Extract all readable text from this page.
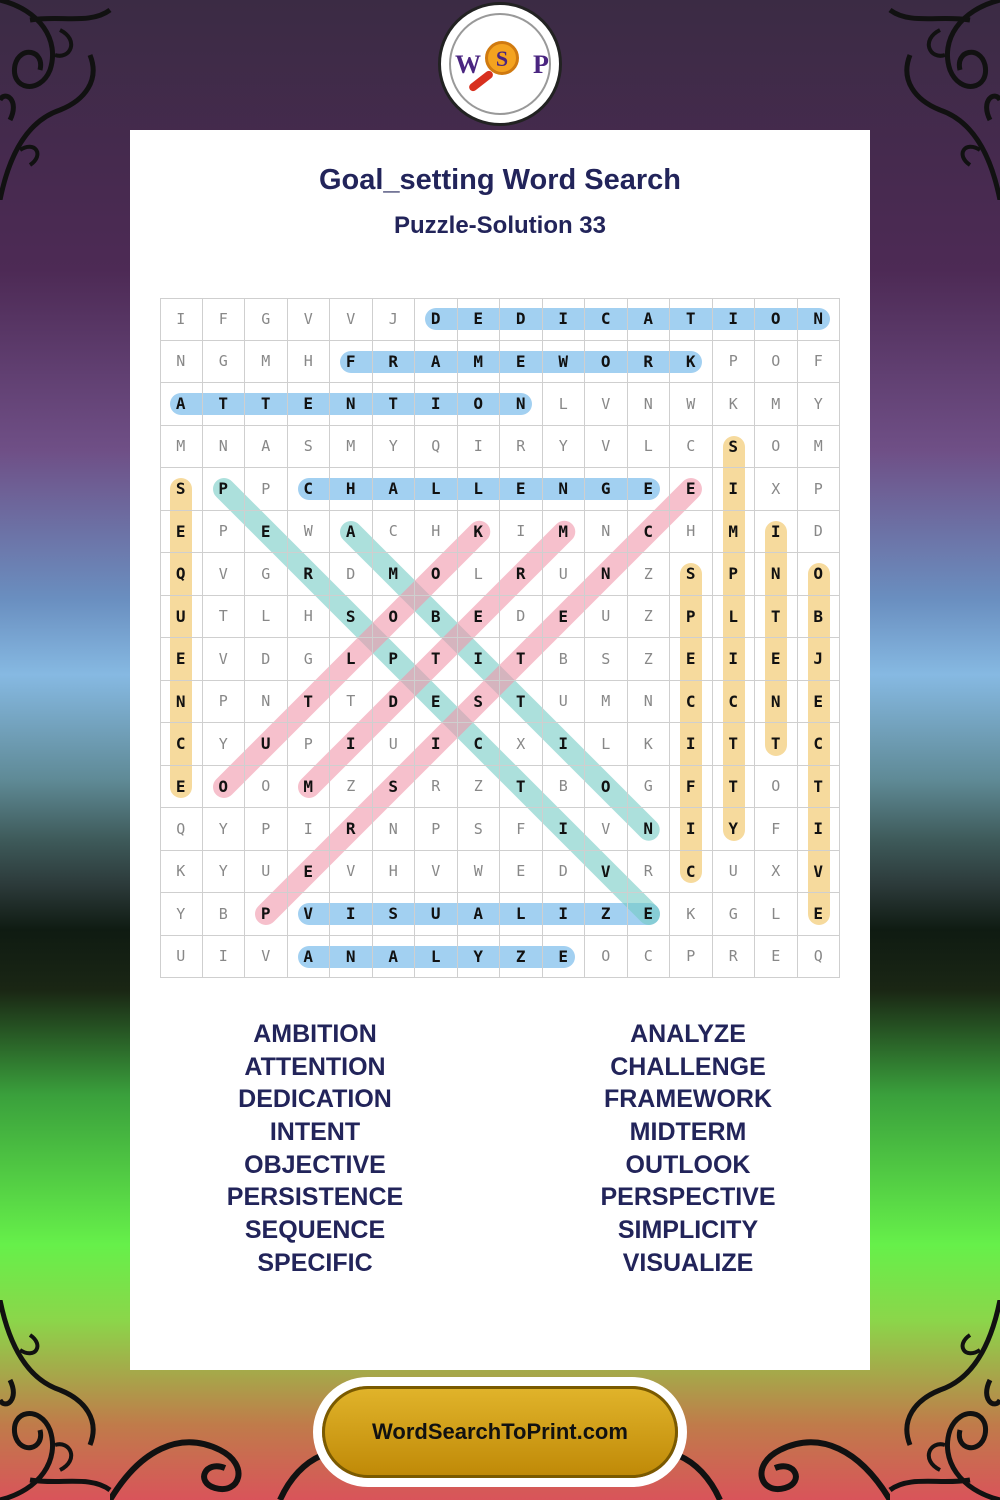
W S P
Goal_setting Word Search
Puzzle-Solution 33
I	F	G	V	V	J	D	E	D	I	C	A	T	I	O	N
N	G	M	H	F	R	A	M	E	W	O	R	K	P	O	F
A	T	T	E	N	T	I	O	N	L	V	N	W	K	M	Y
M	N	A	S	M	Y	Q	I	R	Y	V	L	C	S	O	M
S	P	P	C	H	A	L	L	E	N	G	E	E	I	X	P
E	P	E	W	A	C	H	K	I	M	N	C	H	M	I	D
Q	V	G	R	D	M	O	L	R	U	N	Z	S	P	N	O
U	T	L	H	S	O	B	E	D	E	U	Z	P	L	T	B
E	V	D	G	L	P	T	I	T	B	S	Z	E	I	E	J
N	P	N	T	T	D	E	S	T	U	M	N	C	C	N	E
C	Y	U	P	I	U	I	C	X	I	L	K	I	T	T	C
E	O	O	M	Z	S	R	Z	T	B	O	G	F	T	O	T
Q	Y	P	I	R	N	P	S	F	I	V	N	I	Y	F	I
K	Y	U	E	V	H	V	W	E	D	V	R	C	U	X	V
Y	B	P	V	I	S	U	A	L	I	Z	E	K	G	L	E
U	I	V	A	N	A	L	Y	Z	E	O	C	P	R	E	Q
AMBITION
ATTENTION
DEDICATION
INTENT
OBJECTIVE
PERSISTENCE
SEQUENCE
SPECIFIC
ANALYZE
CHALLENGE
FRAMEWORK
MIDTERM
OUTLOOK
PERSPECTIVE
SIMPLICITY
VISUALIZE
WordSearchToPrint.com
